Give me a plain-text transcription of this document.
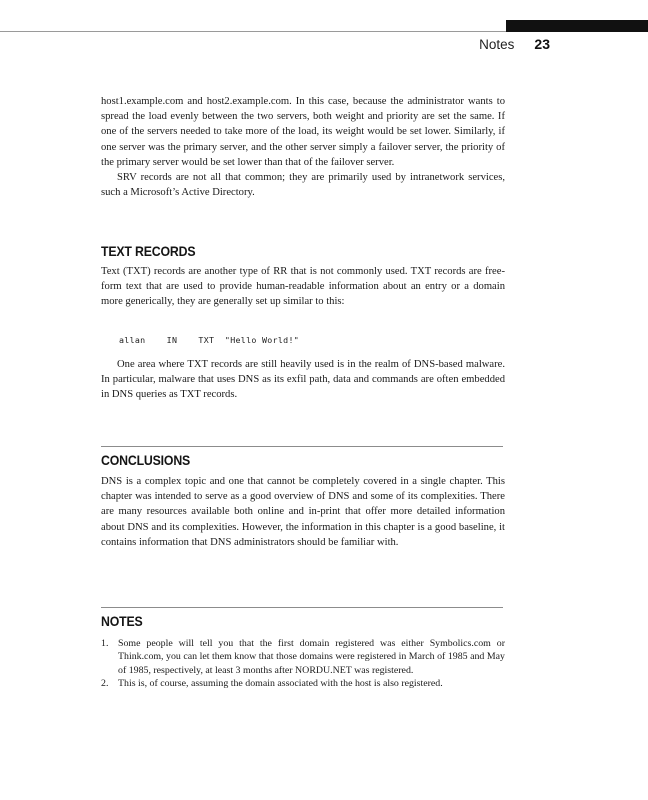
Notes 23

host1.example.com and host2.example.com. In this case, because the administrator wants to spread the load evenly between the two servers, both weight and priority are set the same. If one of the servers needed to take more of the load, its weight would be set lower. Similarly, if one server was the primary server, and the other server simply a failover server, the priority of the primary server would be set lower than that of the failover server.

SRV records are not all that common; they are primarily used by intranetwork services, such a Microsoft’s Active Directory.

TEXT RECORDS

Text (TXT) records are another type of RR that is not commonly used. TXT records are free-form text that are used to provide human-readable information about an entry or a domain more generically, they are generally set up similar to this:

allan    IN    TXT  "Hello World!"

One area where TXT records are still heavily used is in the realm of DNS-based malware. In particular, malware that uses DNS as its exfil path, data and commands are often embedded in DNS queries as TXT records.

CONCLUSIONS

DNS is a complex topic and one that cannot be completely covered in a single chapter. This chapter was intended to serve as a good overview of DNS and some of its complexities. There are many resources available both online and in-print that offer more detailed information about DNS and its complexities. However, the information in this chapter is a good baseline, it contains information that DNS administrators should be familiar with.

NOTES
1. Some people will tell you that the first domain registered was either Symbolics.com or Think.com, you can let them know that those domains were registered in March of 1985 and May of 1985, respectively, at least 3 months after NORDU.NET was registered.
2. This is, of course, assuming the domain associated with the host is also registered.
